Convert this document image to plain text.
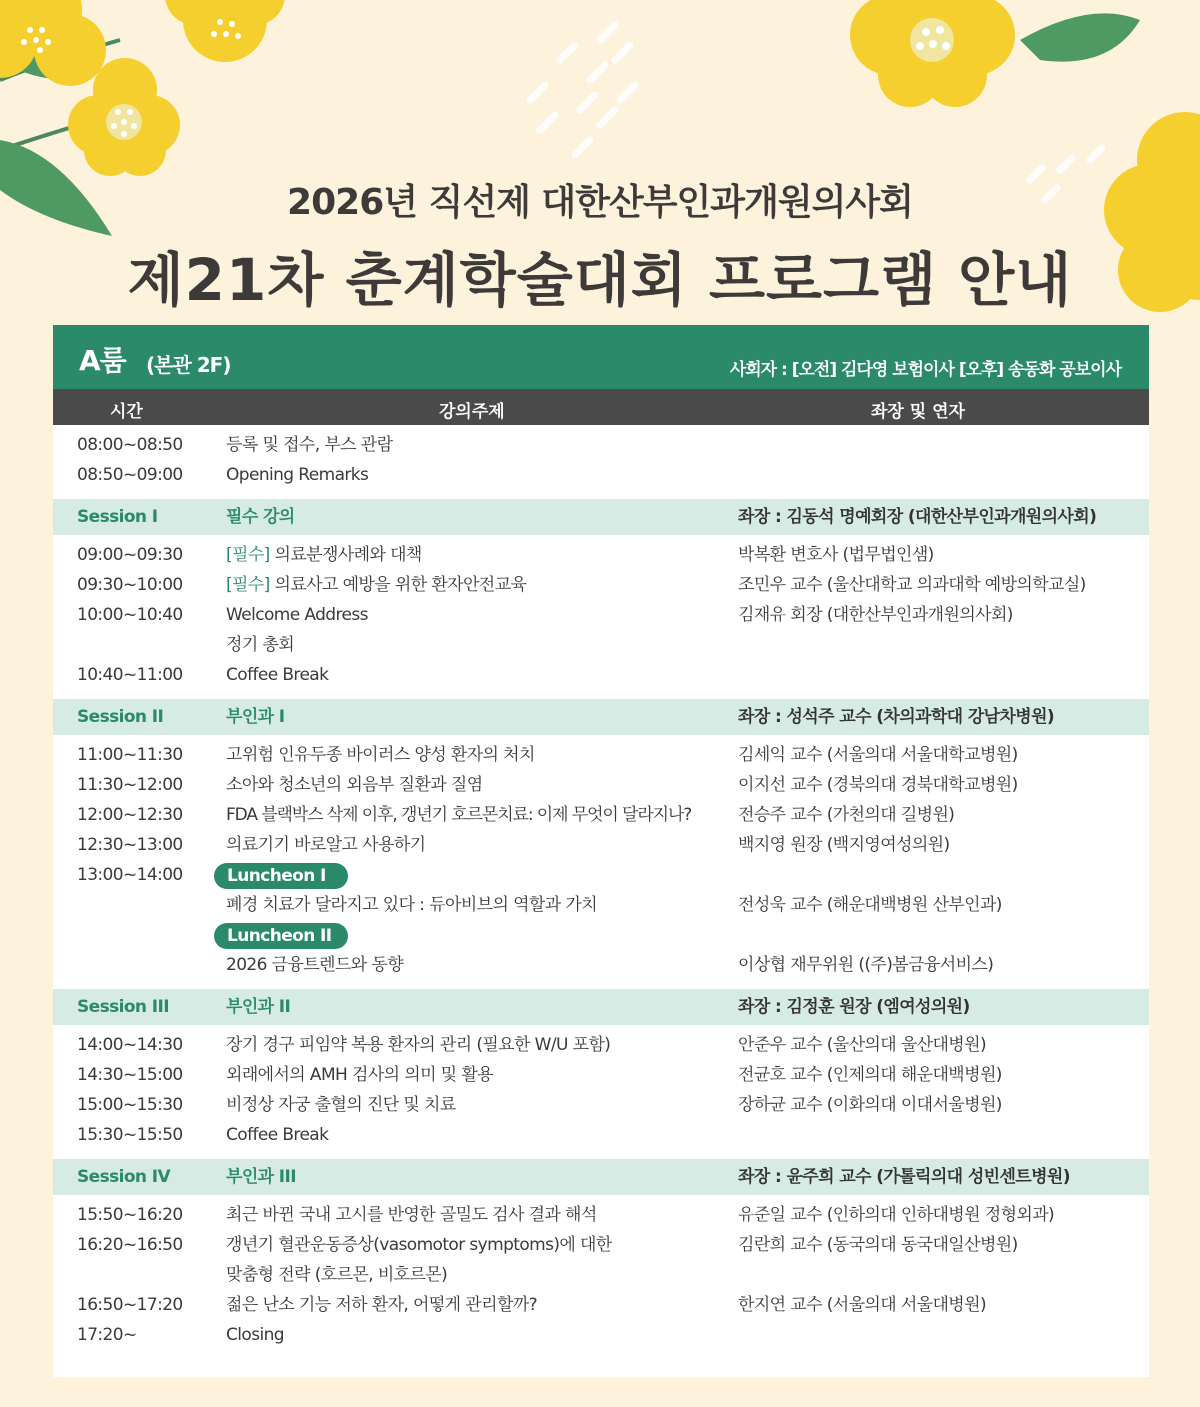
2026년 직선제 대한산부인과개원의사회
제21차 춘계학술대회 프로그램 안내
A룸 (본관 2F)	사회자 : [오전] 김다영 보험이사 [오후] 송동화 공보이사
시간	강의주제	좌장 및 연자
08:00~08:50	등록 및 접수, 부스 관람
08:50~09:00	Opening Remarks
Session I	필수 강의	좌장 : 김동석 명예회장 (대한산부인과개원의사회)
09:00~09:30	[필수] 의료분쟁사례와 대책	박복환 변호사 (법무법인샘)
09:30~10:00	[필수] 의료사고 예방을 위한 환자안전교육	조민우 교수 (울산대학교 의과대학 예방의학교실)
10:00~10:40	Welcome Address	김재유 회장 (대한산부인과개원의사회)
정기 총회
10:40~11:00	Coffee Break
Session II	부인과 I	좌장 : 성석주 교수 (차의과학대 강남차병원)
11:00~11:30	고위험 인유두종 바이러스 양성 환자의 처치	김세익 교수 (서울의대 서울대학교병원)
11:30~12:00	소아와 청소년의 외음부 질환과 질염	이지선 교수 (경북의대 경북대학교병원)
12:00~12:30	FDA 블랙박스 삭제 이후, 갱년기 호르몬치료: 이제 무엇이 달라지나?	전승주 교수 (가천의대 길병원)
12:30~13:00	의료기기 바로알고 사용하기	백지영 원장 (백지영여성의원)
13:00~14:00	Luncheon I
폐경 치료가 달라지고 있다 : 듀아비브의 역할과 가치	전성욱 교수 (해운대백병원 산부인과)
Luncheon II
2026 금융트렌드와 동향	이상협 재무위원 ((주)봄금융서비스)
Session III	부인과 II	좌장 : 김정훈 원장 (엠여성의원)
14:00~14:30	장기 경구 피임약 복용 환자의 관리 (필요한 W/U 포함)	안준우 교수 (울산의대 울산대병원)
14:30~15:00	외래에서의 AMH 검사의 의미 및 활용	전균호 교수 (인제의대 해운대백병원)
15:00~15:30	비정상 자궁 출혈의 진단 및 치료	장하균 교수 (이화의대 이대서울병원)
15:30~15:50	Coffee Break
Session IV	부인과 III	좌장 : 윤주희 교수 (가톨릭의대 성빈센트병원)
15:50~16:20	최근 바뀐 국내 고시를 반영한 골밀도 검사 결과 해석	유준일 교수 (인하의대 인하대병원 정형외과)
16:20~16:50	갱년기 혈관운동증상(vasomotor symptoms)에 대한	김란희 교수 (동국의대 동국대일산병원)
맞춤형 전략 (호르몬, 비호르몬)
16:50~17:20	젊은 난소 기능 저하 환자, 어떻게 관리할까?	한지연 교수 (서울의대 서울대병원)
17:20~	Closing
